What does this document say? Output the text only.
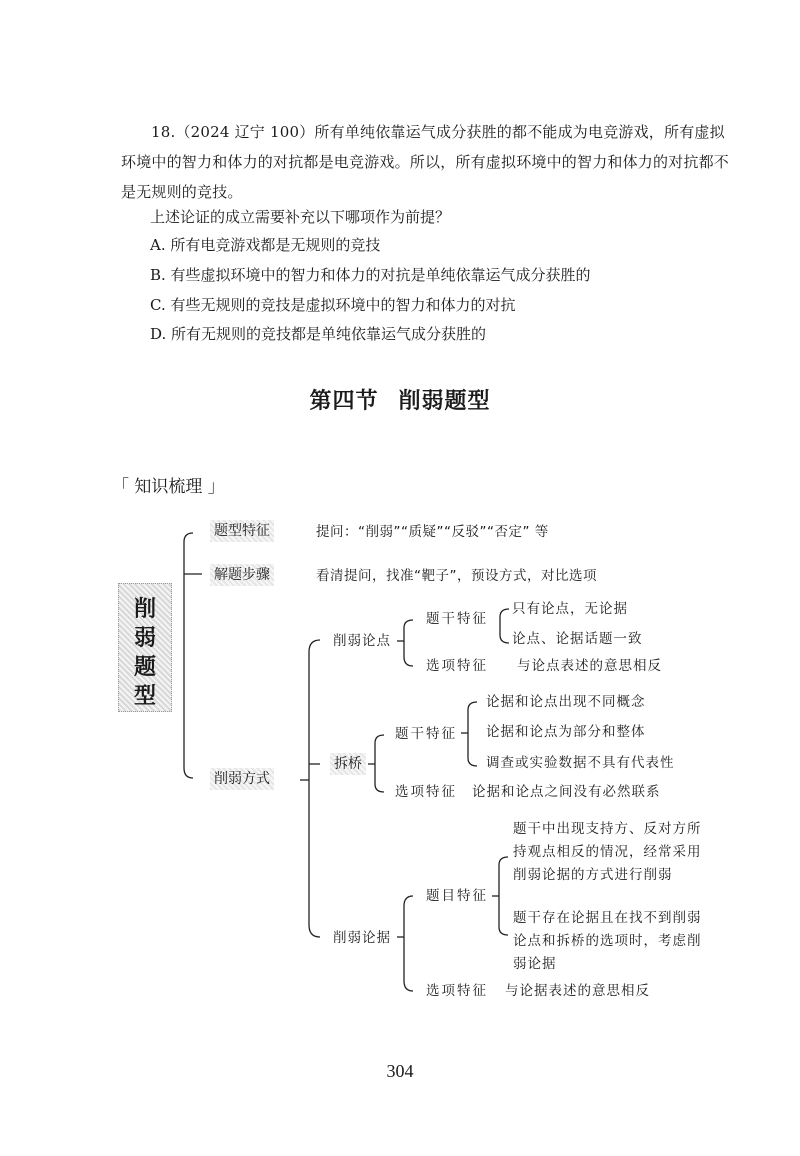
18.（2024 辽宁 100）所有单纯依靠运气成分获胜的都不能成为电竞游戏，所有虚拟环境中的智力和体力的对抗都是电竞游戏。所以，所有虚拟环境中的智力和体力的对抗都不是无规则的竞技。
上述论证的成立需要补充以下哪项作为前提？
A. 所有电竞游戏都是无规则的竞技
B. 有些虚拟环境中的智力和体力的对抗是单纯依靠运气成分获胜的
C. 有些无规则的竞技是虚拟环境中的智力和体力的对抗
D. 所有无规则的竞技都是单纯依靠运气成分获胜的
第四节 削弱题型
「 知识梳理 」
削
弱
题
型
题型特征	提问：“削弱”“质疑”“反驳”“否定” 等
解题步骤	看清提问，找准“靶子”，预设方式，对比选项
削弱方式
削弱论点
题干特征
只有论点，无论据
论点、论据话题一致
选项特征 与论点表述的意思相反
拆桥
题干特征
论据和论点出现不同概念
论据和论点为部分和整体
调查或实验数据不具有代表性
选项特征 论据和论点之间没有必然联系
削弱论据
题目特征
题干中出现支持方、反对方所持观点相反的情况，经常采用削弱论据的方式进行削弱
题干存在论据且在找不到削弱论点和拆桥的选项时，考虑削弱论据
选项特征 与论据表述的意思相反
304
